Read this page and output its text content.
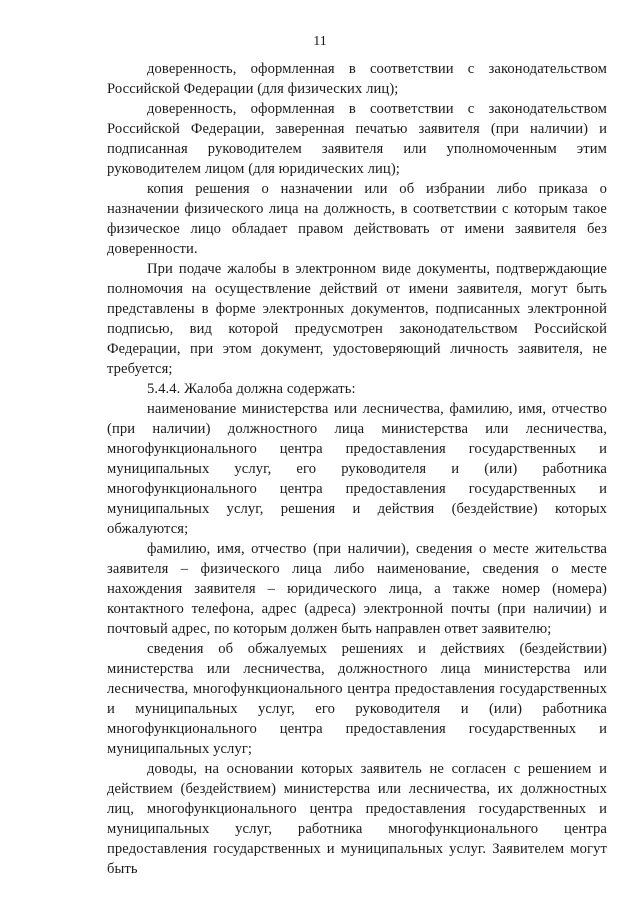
11

доверенность, оформленная в соответствии с законодательством Российской Федерации (для физических лиц);

доверенность, оформленная в соответствии с законодательством Российской Федерации, заверенная печатью заявителя (при наличии) и подписанная руководителем заявителя или уполномоченным этим руководителем лицом (для юридических лиц);

копия решения о назначении или об избрании либо приказа о назначении физического лица на должность, в соответствии с которым такое физическое лицо обладает правом действовать от имени заявителя без доверенности.

При подаче жалобы в электронном виде документы, подтверждающие полномочия на осуществление действий от имени заявителя, могут быть представлены в форме электронных документов, подписанных электронной подписью, вид которой предусмотрен законодательством Российской Федерации, при этом документ, удостоверяющий личность заявителя, не требуется;

5.4.4. Жалоба должна содержать:

наименование министерства или лесничества, фамилию, имя, отчество (при наличии) должностного лица министерства или лесничества, многофункционального центра предоставления государственных и муниципальных услуг, его руководителя и (или) работника многофункционального центра предоставления государственных и муниципальных услуг, решения и действия (бездействие) которых обжалуются;

фамилию, имя, отчество (при наличии), сведения о месте жительства заявителя – физического лица либо наименование, сведения о месте нахождения заявителя – юридического лица, а также номер (номера) контактного телефона, адрес (адреса) электронной почты (при наличии) и почтовый адрес, по которым должен быть направлен ответ заявителю;

сведения об обжалуемых решениях и действиях (бездействии) министерства или лесничества, должностного лица министерства или лесничества, многофункционального центра предоставления государственных и муниципальных услуг, его руководителя и (или) работника многофункционального центра предоставления государственных и муниципальных услуг;

доводы, на основании которых заявитель не согласен с решением и действием (бездействием) министерства или лесничества, их должностных лиц, многофункционального центра предоставления государственных и муниципальных услуг, работника многофункционального центра предоставления государственных и муниципальных услуг. Заявителем могут быть
